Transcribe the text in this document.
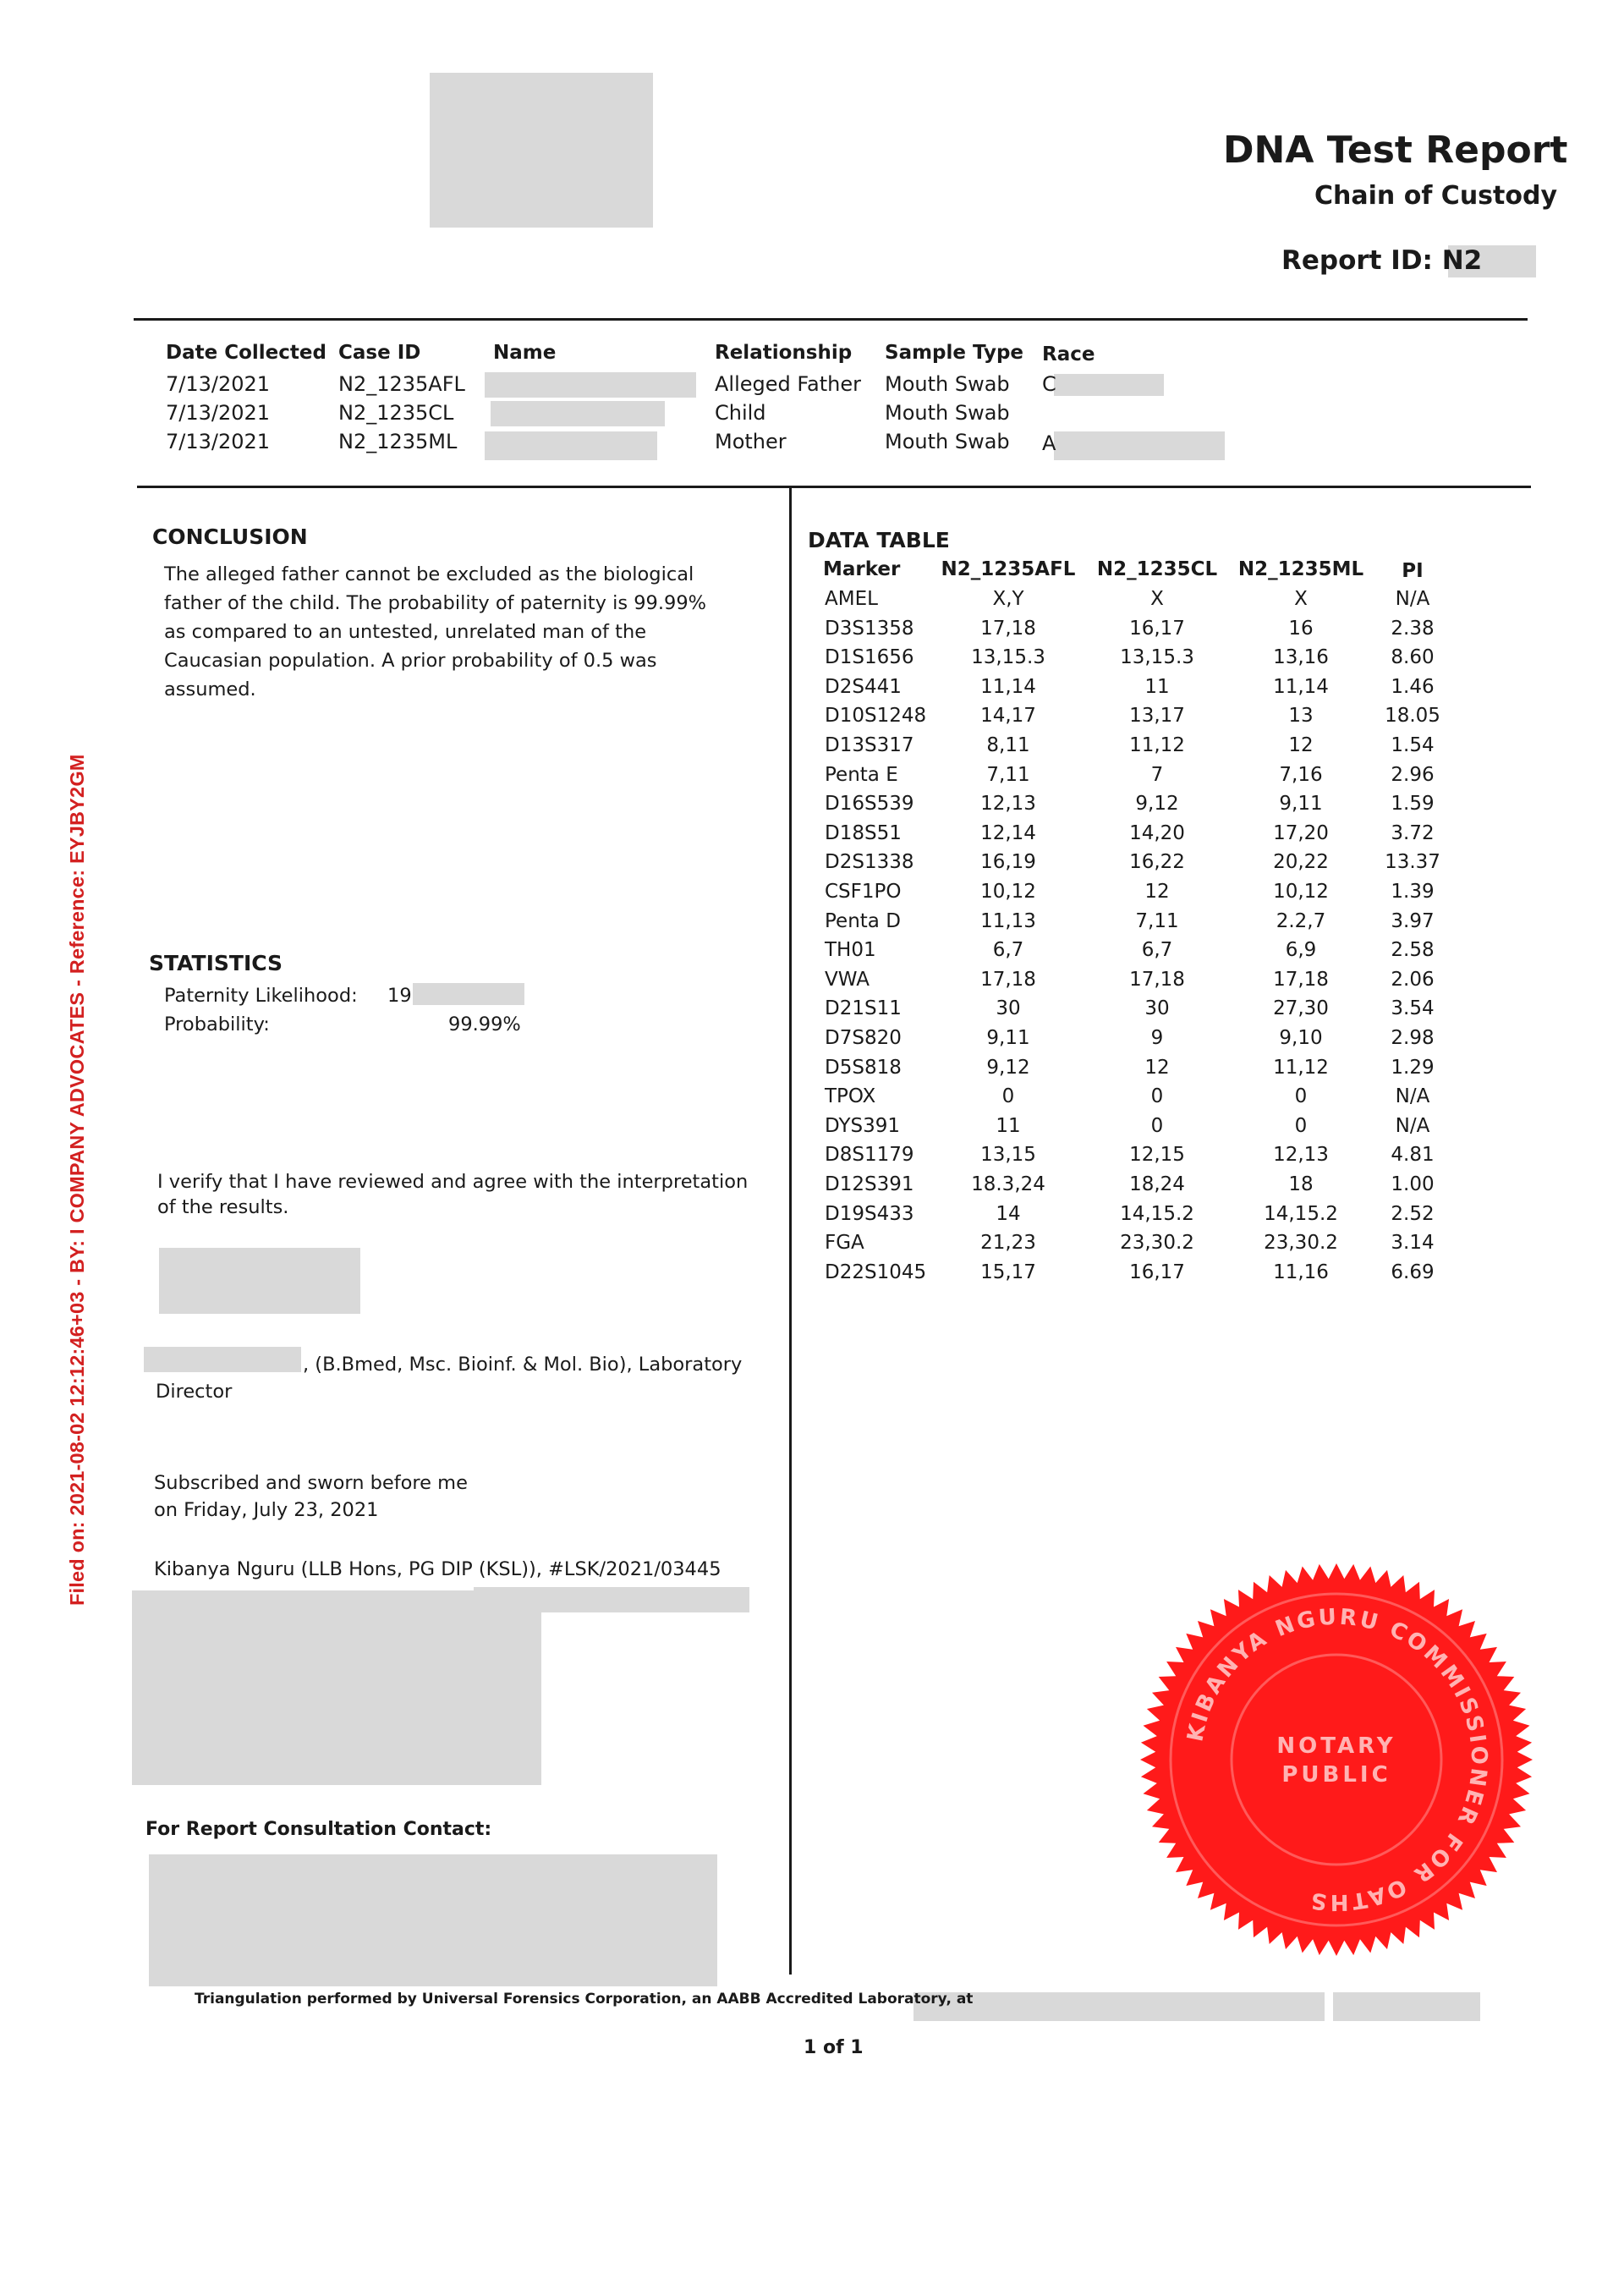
DNA Test Report
Chain of Custody
Report ID: N2
Date Collected Case ID	Name	Relationship Sample Type Race
7/13/2021	N2_1235AFL	Alleged Father Mouth Swab C
7/13/2021	N2_1235CL	Child	Mouth Swab
7/13/2021	N2_1235ML	Mother	Mouth Swab A
CONCLUSION
The alleged father cannot be excluded as the biological
father of the child. The probability of paternity is 99.99%
as compared to an untested, unrelated man of the
Caucasian population. A prior probability of 0.5 was
assumed.
STATISTICS
Paternity Likelihood: 19
Probability:	99.99%
I verify that I have reviewed and agree with the interpretation
of the results.
, (B.Bmed, Msc. Bioinf. & Mol. Bio), Laboratory
Director
Subscribed and sworn before me
on Friday, July 23, 2021
Kibanya Nguru (LLB Hons, PG DIP (KSL)), #LSK/2021/03445
For Report Consultation Contact:
DATA TABLE
Marker N2_1235AFL N2_1235CL N2_1235ML PI
AMEL	X,Y	X	X	N/A
D3S1358	17,18	16,17	16	2.38
D1S1656	13,15.3	13,15.3	13,16	8.60
D2S441	11,14	11	11,14	1.46
D10S1248	14,17	13,17	13	18.05
D13S317	8,11	11,12	12	1.54
Penta E	7,11	7	7,16	2.96
D16S539	12,13	9,12	9,11	1.59
D18S51	12,14	14,20	17,20	3.72
D2S1338	16,19	16,22	20,22	13.37
CSF1PO	10,12	12	10,12	1.39
Penta D	11,13	7,11	2.2,7	3.97
TH01	6,7	6,7	6,9	2.58
VWA	17,18	17,18	17,18	2.06
D21S11	30	30	27,30	3.54
D7S820	9,11	9	9,10	2.98
D5S818	9,12	12	11,12	1.29
TPOX	0	0	0	N/A
DYS391	11	0	0	N/A
D8S1179	13,15	12,15	12,13	4.81
D12S391	18.3,24	18,24	18	1.00
D19S433	14	14,15.2	14,15.2	2.52
FGA	21,23	23,30.2	23,30.2	3.14
D22S1045	15,17	16,17	11,16	6.69
KIBANYA NGURU COMMISSIONER FOR OATHS
NOTARY
PUBLIC
Triangulation performed by Universal Forensics Corporation, an AABB Accredited Laboratory, at
1 of 1
Filed on: 2021-08-02 12:12:46+03 - BY: I COMPANY ADVOCATES - Reference: EYJBY2GM
